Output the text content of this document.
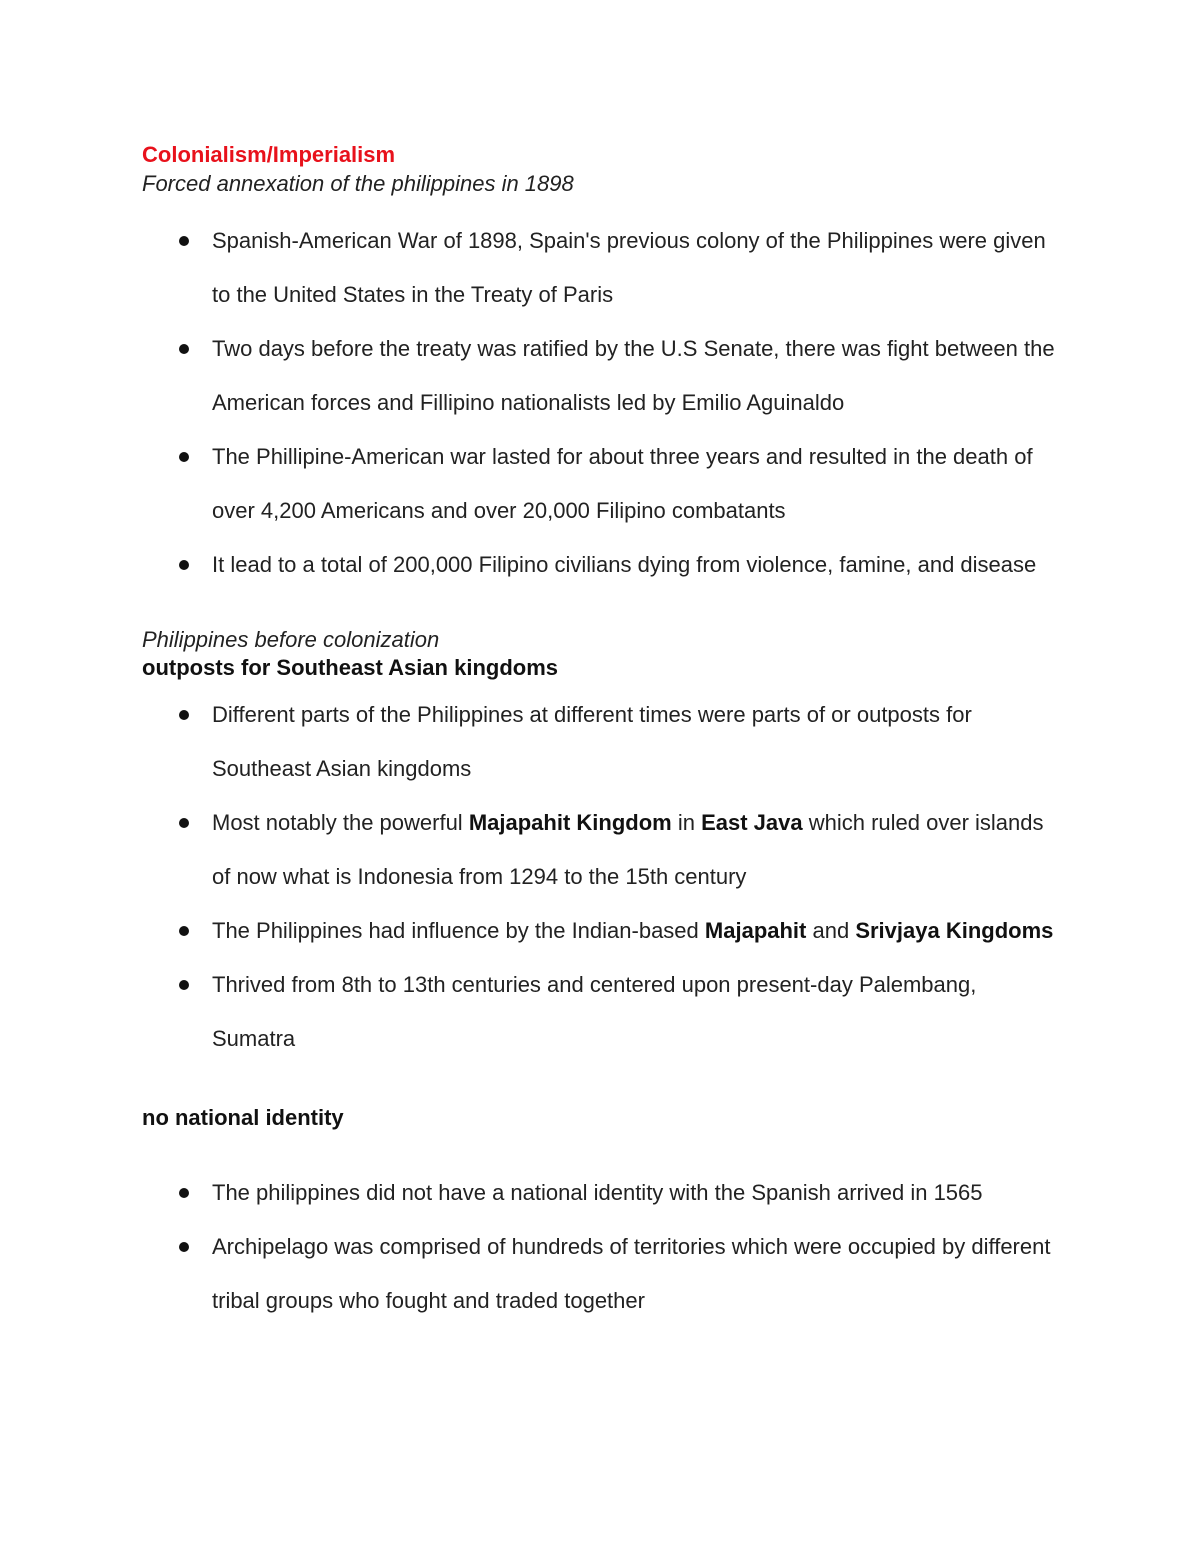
Colonialism/Imperialism

Forced annexation of the philippines in 1898

Spanish-American War of 1898, Spain's previous colony of the Philippines were given to the United States in the Treaty of Paris
Two days before the treaty was ratified by the U.S Senate, there was fight between the American forces and Fillipino nationalists led by Emilio Aguinaldo
The Phillipine-American war lasted for about three years and resulted in the death of over 4,200 Americans and over 20,000 Filipino combatants
It lead to a total of 200,000 Filipino civilians dying from violence, famine, and disease

Philippines before colonization

outposts for Southeast Asian kingdoms

Different parts of the Philippines at different times were parts of or outposts for Southeast Asian kingdoms
Most notably the powerful Majapahit Kingdom in East Java which ruled over islands of now what is Indonesia from 1294 to the 15th century
The Philippines had influence by the Indian-based Majapahit and Srivjaya Kingdoms
Thrived from 8th to 13th centuries and centered upon present-day Palembang, Sumatra

no national identity

The philippines did not have a national identity with the Spanish arrived in 1565
Archipelago was comprised of hundreds of territories which were occupied by different tribal groups who fought and traded together
